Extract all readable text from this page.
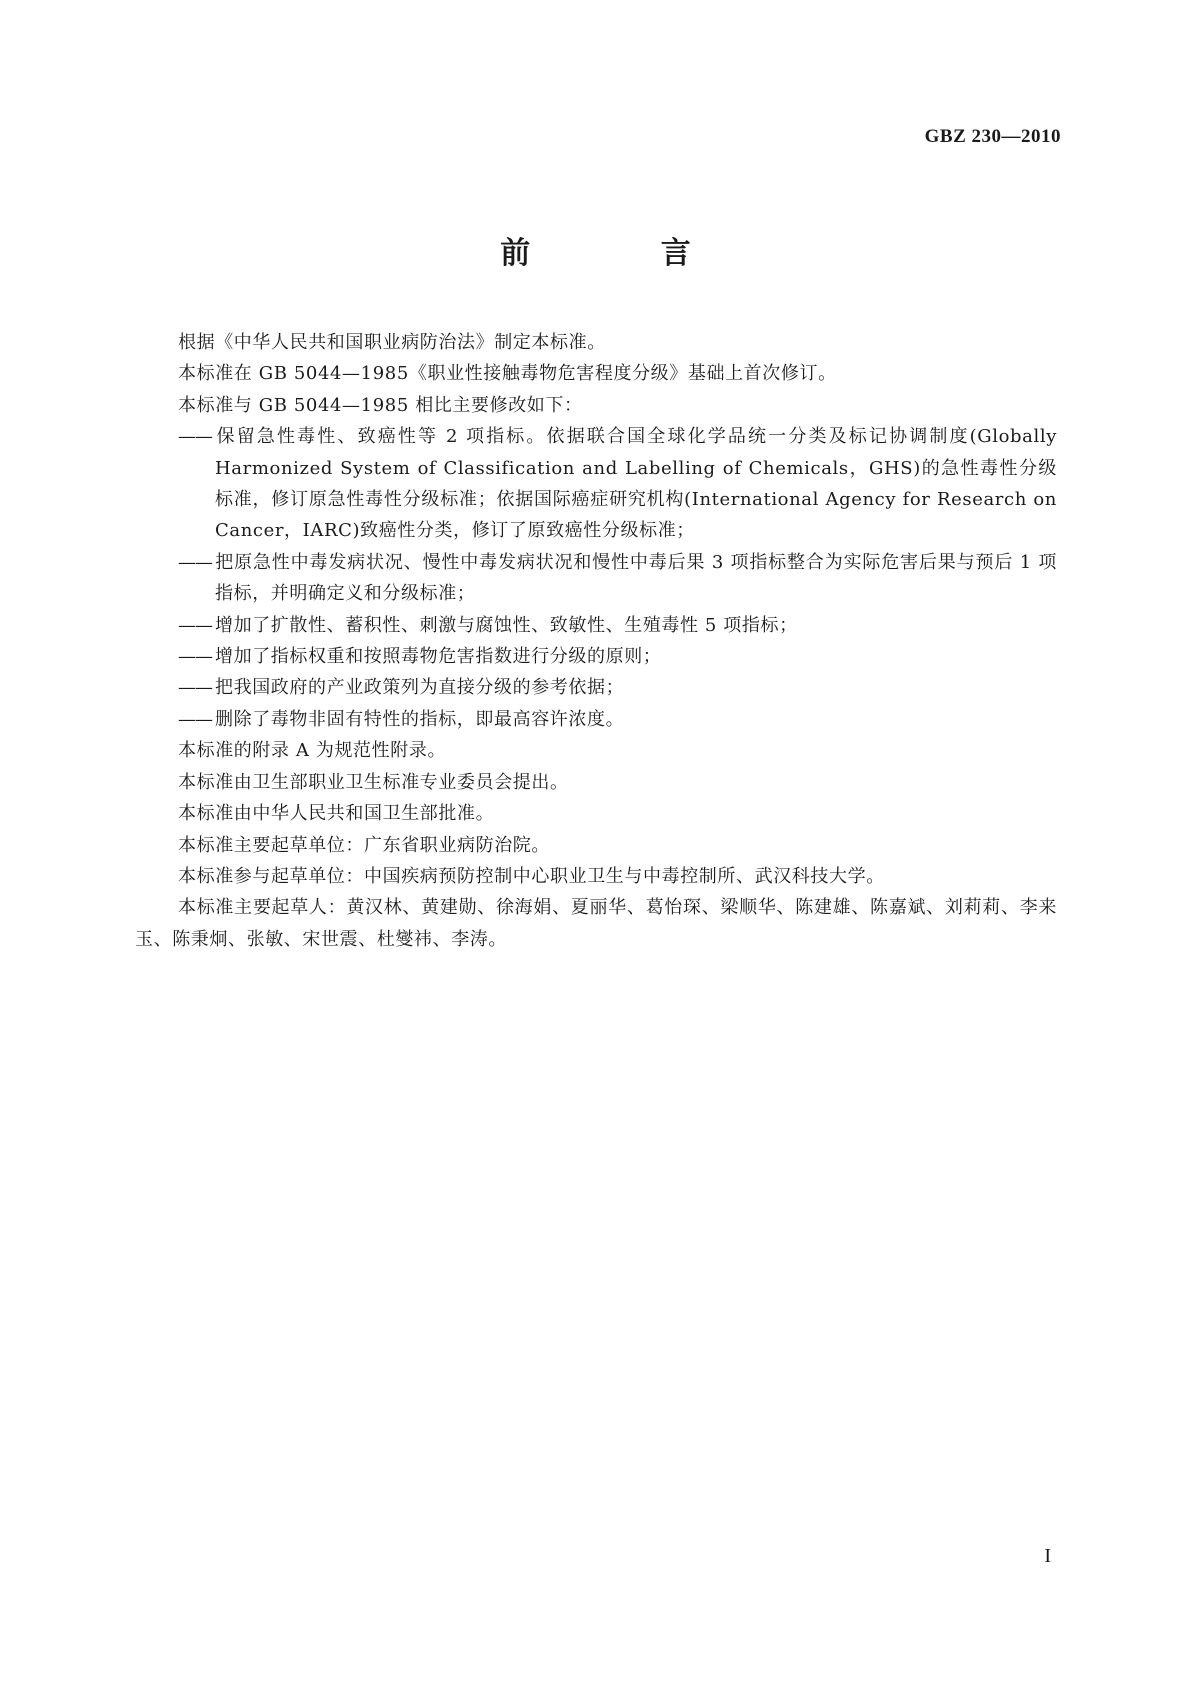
GBZ 230—2010
前 言

根据《中华人民共和国职业病防治法》制定本标准。

本标准在 GB 5044—1985《职业性接触毒物危害程度分级》基础上首次修订。

本标准与 GB 5044—1985 相比主要修改如下：

—— 保留急性毒性、致癌性等 2 项指标。依据联合国全球化学品统一分类及标记协调制度(Globally Harmonized System of Classification and Labelling of Chemicals，GHS)的急性毒性分级标准，修订原急性毒性分级标准；依据国际癌症研究机构(International Agency for Research on Cancer，IARC)致癌性分类，修订了原致癌性分级标准；

—— 把原急性中毒发病状况、慢性中毒发病状况和慢性中毒后果 3 项指标整合为实际危害后果与预后 1 项指标，并明确定义和分级标准；

—— 增加了扩散性、蓄积性、刺激与腐蚀性、致敏性、生殖毒性 5 项指标；

—— 增加了指标权重和按照毒物危害指数进行分级的原则；

—— 把我国政府的产业政策列为直接分级的参考依据；

—— 删除了毒物非固有特性的指标，即最高容许浓度。

本标准的附录 A 为规范性附录。

本标准由卫生部职业卫生标准专业委员会提出。

本标准由中华人民共和国卫生部批准。

本标准主要起草单位：广东省职业病防治院。

本标准参与起草单位：中国疾病预防控制中心职业卫生与中毒控制所、武汉科技大学。

本标准主要起草人：黄汉林、黄建勋、徐海娟、夏丽华、葛怡琛、梁顺华、陈建雄、陈嘉斌、刘莉莉、李来玉、陈秉炯、张敏、宋世震、杜燮祎、李涛。

I
